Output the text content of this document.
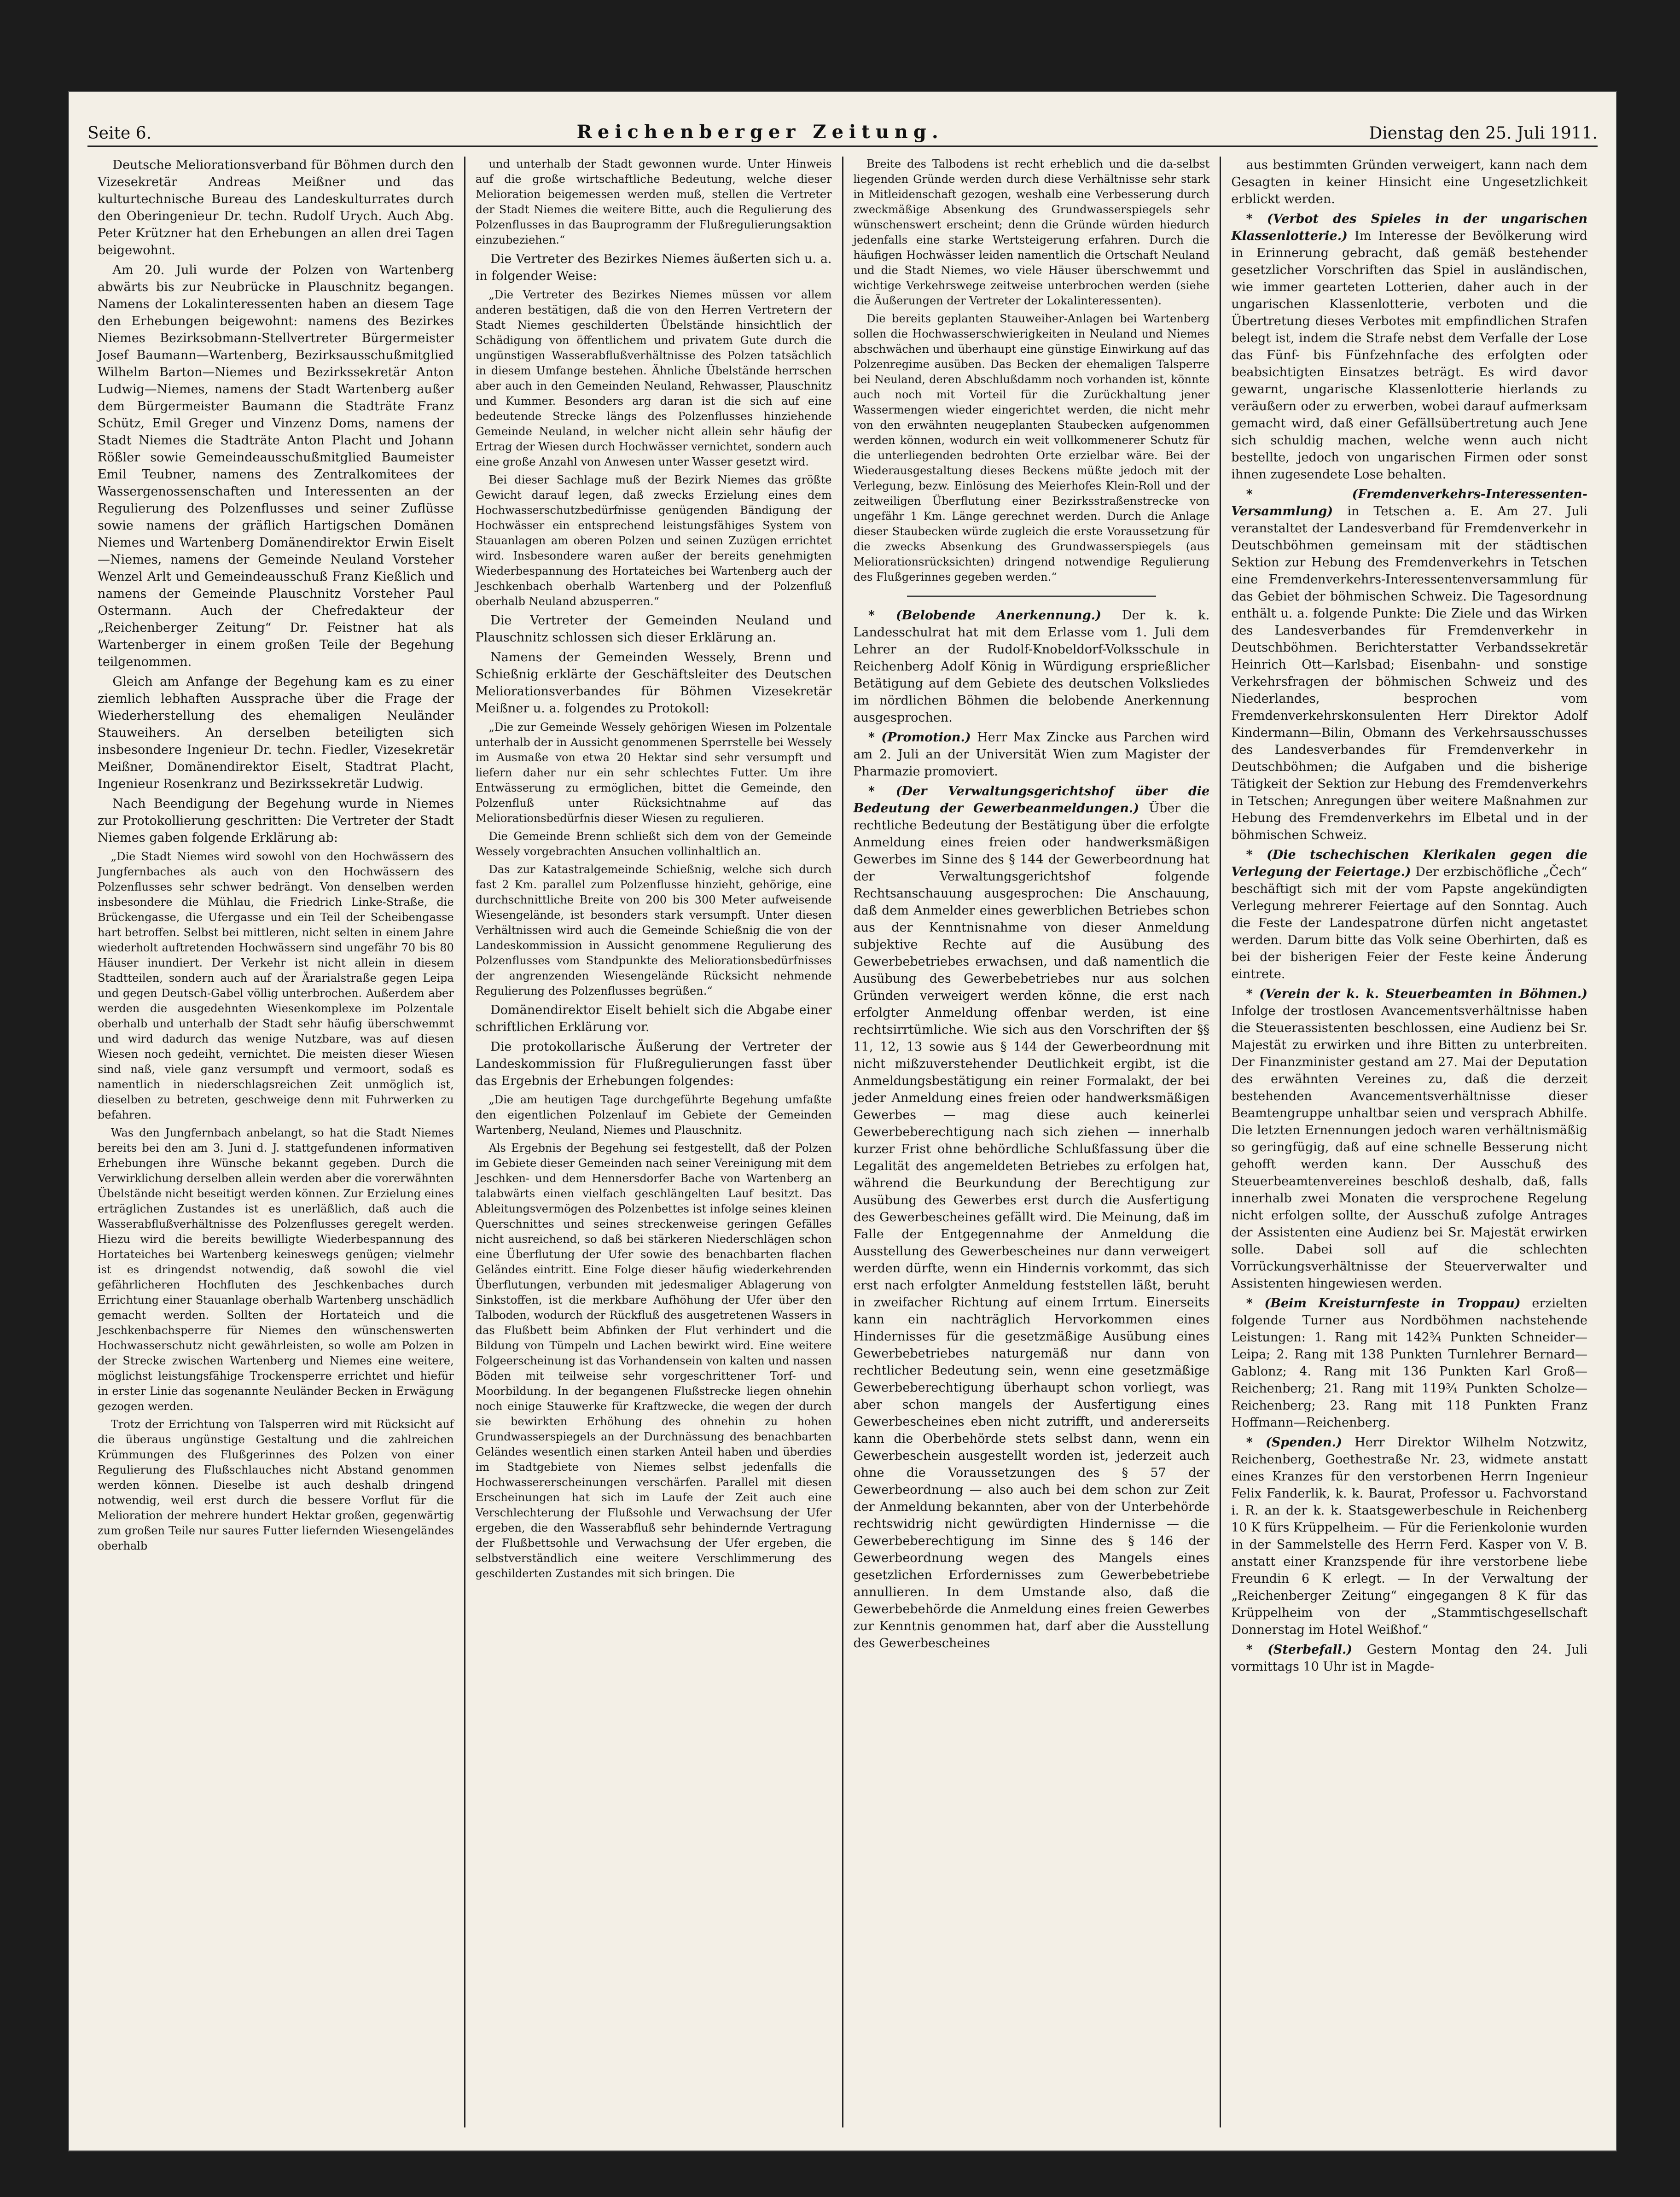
Seite 6.	Reichenberger Zeitung.	Dienstag den 25. Juli 1911.

Deutsche Meliorationsverband für Böhmen durch den Vizesekretär Andreas Meißner und das kulturtechnische Bureau des Landeskulturrates durch den Oberingenieur Dr. techn. Rudolf Urych. Auch Abg. Peter Krützner hat den Erhebungen an allen drei Tagen beigewohnt.

Am 20. Juli wurde der Polzen von Wartenberg abwärts bis zur Neubrücke in Plauschnitz begangen. Namens der Lokalinteressenten haben an diesem Tage den Erhebungen beigewohnt: namens des Bezirkes Niemes Bezirksobmann-Stellvertreter Bürgermeister Josef Baumann—Wartenberg, Bezirksausschußmitglied Wilhelm Barton—Niemes und Bezirkssekretär Anton Ludwig—Niemes, namens der Stadt Wartenberg außer dem Bürgermeister Baumann die Stadträte Franz Schütz, Emil Greger und Vinzenz Doms, namens der Stadt Niemes die Stadträte Anton Placht und Johann Rößler sowie Gemeindeausschußmitglied Baumeister Emil Teubner, namens des Zentralkomitees der Wassergenossenschaften und Interessenten an der Regulierung des Polzenflusses und seiner Zuflüsse sowie namens der gräflich Hartigschen Domänen Niemes und Wartenberg Domänendirektor Erwin Eiselt—Niemes, namens der Gemeinde Neuland Vorsteher Wenzel Arlt und Gemeindeausschuß Franz Kießlich und namens der Gemeinde Plauschnitz Vorsteher Paul Ostermann. Auch der Chefredakteur der „Reichenberger Zeitung“ Dr. Feistner hat als Wartenberger in einem großen Teile der Begehung teilgenommen.

Gleich am Anfange der Begehung kam es zu einer ziemlich lebhaften Aussprache über die Frage der Wiederherstellung des ehemaligen Neuländer Stauweihers. An derselben beteiligten sich insbesondere Ingenieur Dr. techn. Fiedler, Vizesekretär Meißner, Domänendirektor Eiselt, Stadtrat Placht, Ingenieur Rosenkranz und Bezirkssekretär Ludwig.

Nach Beendigung der Begehung wurde in Niemes zur Protokollierung geschritten: Die Vertreter der Stadt Niemes gaben folgende Erklärung ab:

„Die Stadt Niemes wird sowohl von den Hochwässern des Jungfernbaches als auch von den Hochwässern des Polzenflusses sehr schwer bedrängt. Von denselben werden insbesondere die Mühlau, die Friedrich Linke-Straße, die Brückengasse, die Ufergasse und ein Teil der Scheibengasse hart betroffen. Selbst bei mittleren, nicht selten in einem Jahre wiederholt auftretenden Hochwässern sind ungefähr 70 bis 80 Häuser inundiert. Der Verkehr ist nicht allein in diesem Stadtteilen, sondern auch auf der Ärarialstraße gegen Leipa und gegen Deutsch-Gabel völlig unterbrochen. Außerdem aber werden die ausgedehnten Wiesenkomplexe im Polzentale oberhalb und unterhalb der Stadt sehr häufig überschwemmt und wird dadurch das wenige Nutzbare, was auf diesen Wiesen noch gedeiht, vernichtet. Die meisten dieser Wiesen sind naß, viele ganz versumpft und vermoort, sodaß es namentlich in niederschlagsreichen Zeit unmöglich ist, dieselben zu betreten, geschweige denn mit Fuhrwerken zu befahren.

Was den Jungfernbach anbelangt, so hat die Stadt Niemes bereits bei den am 3. Juni d. J. stattgefundenen informativen Erhebungen ihre Wünsche bekannt gegeben. Durch die Verwirklichung derselben allein werden aber die vorerwähnten Übelstände nicht beseitigt werden können. Zur Erzielung eines erträglichen Zustandes ist es unerläßlich, daß auch die Wasserabflußverhältnisse des Polzenflusses geregelt werden. Hiezu wird die bereits bewilligte Wiederbespannung des Hortateiches bei Wartenberg keineswegs genügen; vielmehr ist es dringendst notwendig, daß sowohl die viel gefährlicheren Hochfluten des Jeschkenbaches durch Errichtung einer Stauanlage oberhalb Wartenberg unschädlich gemacht werden. Sollten der Hortateich und die Jeschkenbachsperre für Niemes den wünschenswerten Hochwasserschutz nicht gewährleisten, so wolle am Polzen in der Strecke zwischen Wartenberg und Niemes eine weitere, möglichst leistungsfähige Trockensperre errichtet und hiefür in erster Linie das sogenannte Neuländer Becken in Erwägung gezogen werden.

Trotz der Errichtung von Talsperren wird mit Rücksicht auf die überaus ungünstige Gestaltung und die zahlreichen Krümmungen des Flußgerinnes des Polzen von einer Regulierung des Flußschlauches nicht Abstand genommen werden können. Dieselbe ist auch deshalb dringend notwendig, weil erst durch die bessere Vorflut für die Melioration der mehrere hundert Hektar großen, gegenwärtig zum großen Teile nur saures Futter liefernden Wiesengeländes oberhalb

und unterhalb der Stadt gewonnen wurde. Unter Hinweis auf die große wirtschaftliche Bedeutung, welche dieser Melioration beigemessen werden muß, stellen die Vertreter der Stadt Niemes die weitere Bitte, auch die Regulierung des Polzenflusses in das Bauprogramm der Flußregulierungsaktion einzubeziehen.“

Die Vertreter des Bezirkes Niemes äußerten sich u. a. in folgender Weise:

„Die Vertreter des Bezirkes Niemes müssen vor allem anderen bestätigen, daß die von den Herren Vertretern der Stadt Niemes geschilderten Übelstände hinsichtlich der Schädigung von öffentlichem und privatem Gute durch die ungünstigen Wasserabflußverhältnisse des Polzen tatsächlich in diesem Umfange bestehen. Ähnliche Übelstände herrschen aber auch in den Gemeinden Neuland, Rehwasser, Plauschnitz und Kummer. Besonders arg daran ist die sich auf eine bedeutende Strecke längs des Polzenflusses hinziehende Gemeinde Neuland, in welcher nicht allein sehr häufig der Ertrag der Wiesen durch Hochwässer vernichtet, sondern auch eine große Anzahl von Anwesen unter Wasser gesetzt wird.

Bei dieser Sachlage muß der Bezirk Niemes das größte Gewicht darauf legen, daß zwecks Erzielung eines dem Hochwasserschutzbedürfnisse genügenden Bändigung der Hochwässer ein entsprechend leistungsfähiges System von Stauanlagen am oberen Polzen und seinen Zuzügen errichtet wird. Insbesondere waren außer der bereits genehmigten Wiederbespannung des Hortateiches bei Wartenberg auch der Jeschkenbach oberhalb Wartenberg und der Polzenfluß oberhalb Neuland abzusperren.“

Die Vertreter der Gemeinden Neuland und Plauschnitz schlossen sich dieser Erklärung an.

Namens der Gemeinden Wessely, Brenn und Schießnig erklärte der Geschäftsleiter des Deutschen Meliorationsverbandes für Böhmen Vizesekretär Meißner u. a. folgendes zu Protokoll:

„Die zur Gemeinde Wessely gehörigen Wiesen im Polzentale unterhalb der in Aussicht genommenen Sperrstelle bei Wessely im Ausmaße von etwa 20 Hektar sind sehr versumpft und liefern daher nur ein sehr schlechtes Futter. Um ihre Entwässerung zu ermöglichen, bittet die Gemeinde, den Polzenfluß unter Rücksichtnahme auf das Meliorationsbedürfnis dieser Wiesen zu regulieren.

Die Gemeinde Brenn schließt sich dem von der Gemeinde Wessely vorgebrachten Ansuchen vollinhaltlich an.

Das zur Katastralgemeinde Schießnig, welche sich durch fast 2 Km. parallel zum Polzenflusse hinzieht, gehörige, eine durchschnittliche Breite von 200 bis 300 Meter aufweisende Wiesengelände, ist besonders stark versumpft. Unter diesen Verhältnissen wird auch die Gemeinde Schießnig die von der Landeskommission in Aussicht genommene Regulierung des Polzenflusses vom Standpunkte des Meliorationsbedürfnisses der angrenzenden Wiesengelände Rücksicht nehmende Regulierung des Polzenflusses begrüßen.“

Domänendirektor Eiselt behielt sich die Abgabe einer schriftlichen Erklärung vor.

Die protokollarische Äußerung der Vertreter der Landeskommission für Flußregulierungen fasst über das Ergebnis der Erhebungen folgendes:

„Die am heutigen Tage durchgeführte Begehung umfaßte den eigentlichen Polzenlauf im Gebiete der Gemeinden Wartenberg, Neuland, Niemes und Plauschnitz.

Als Ergebnis der Begehung sei festgestellt, daß der Polzen im Gebiete dieser Gemeinden nach seiner Vereinigung mit dem Jeschken- und dem Hennersdorfer Bache von Wartenberg an talabwärts einen vielfach geschlängelten Lauf besitzt. Das Ableitungsvermögen des Polzenbettes ist infolge seines kleinen Querschnittes und seines streckenweise geringen Gefälles nicht ausreichend, so daß bei stärkeren Niederschlägen schon eine Überflutung der Ufer sowie des benachbarten flachen Geländes eintritt. Eine Folge dieser häufig wiederkehrenden Überflutungen, verbunden mit jedesmaliger Ablagerung von Sinkstoffen, ist die merkbare Aufhöhung der Ufer über den Talboden, wodurch der Rückfluß des ausgetretenen Wassers in das Flußbett beim Abfinken der Flut verhindert und die Bildung von Tümpeln und Lachen bewirkt wird. Eine weitere Folgeerscheinung ist das Vorhandensein von kalten und nassen Böden mit teilweise sehr vorgeschrittener Torf- und Moorbildung. In der begangenen Flußstrecke liegen ohnehin noch einige Stauwerke für Kraftzwecke, die wegen der durch sie bewirkten Erhöhung des ohnehin zu hohen Grundwasserspiegels an der Durchnässung des benachbarten Geländes wesentlich einen starken Anteil haben und überdies im Stadtgebiete von Niemes selbst jedenfalls die Hochwassererscheinungen verschärfen. Parallel mit diesen Erscheinungen hat sich im Laufe der Zeit auch eine Verschlechterung der Flußsohle und Verwachsung der Ufer ergeben, die den Wasserabfluß sehr behindernde Vertragung der Flußbettsohle und Verwachsung der Ufer ergeben, die selbstverständlich eine weitere Verschlimmerung des geschilderten Zustandes mit sich bringen. Die

Breite des Talbodens ist recht erheblich und die da-selbst liegenden Gründe werden durch diese Verhältnisse sehr stark in Mitleidenschaft gezogen, weshalb eine Verbesserung durch zweckmäßige Absenkung des Grundwasserspiegels sehr wünschenswert erscheint; denn die Gründe würden hiedurch jedenfalls eine starke Wertsteigerung erfahren. Durch die häufigen Hochwässer leiden namentlich die Ortschaft Neuland und die Stadt Niemes, wo viele Häuser überschwemmt und wichtige Verkehrswege zeitweise unterbrochen werden (siehe die Äußerungen der Vertreter der Lokalinteressenten).

Die bereits geplanten Stauweiher-Anlagen bei Wartenberg sollen die Hochwasserschwierigkeiten in Neuland und Niemes abschwächen und überhaupt eine günstige Einwirkung auf das Polzenregime ausüben. Das Becken der ehemaligen Talsperre bei Neuland, deren Abschlußdamm noch vorhanden ist, könnte auch noch mit Vorteil für die Zurückhaltung jener Wassermengen wieder eingerichtet werden, die nicht mehr von den erwähnten neugeplanten Staubecken aufgenommen werden können, wodurch ein weit vollkommenerer Schutz für die unterliegenden bedrohten Orte erzielbar wäre. Bei der Wiederausgestaltung dieses Beckens müßte jedoch mit der Verlegung, bezw. Einlösung des Meierhofes Klein-Roll und der zeitweiligen Überflutung einer Bezirksstraßenstrecke von ungefähr 1 Km. Länge gerechnet werden. Durch die Anlage dieser Staubecken würde zugleich die erste Voraussetzung für die zwecks Absenkung des Grundwasserspiegels (aus Meliorationsrücksichten) dringend notwendige Regulierung des Flußgerinnes gegeben werden.“

* (Belobende Anerkennung.) Der k. k. Landesschulrat hat mit dem Erlasse vom 1. Juli dem Lehrer an der Rudolf-Knobeldorf-Volksschule in Reichenberg Adolf König in Würdigung ersprießlicher Betätigung auf dem Gebiete des deutschen Volksliedes im nördlichen Böhmen die belobende Anerkennung ausgesprochen.

* (Promotion.) Herr Max Zincke aus Parchen wird am 2. Juli an der Universität Wien zum Magister der Pharmazie promoviert.

* (Der Verwaltungsgerichtshof über die Bedeutung der Gewerbeanmeldungen.) Über die rechtliche Bedeutung der Bestätigung über die erfolgte Anmeldung eines freien oder handwerksmäßigen Gewerbes im Sinne des § 144 der Gewerbeordnung hat der Verwaltungsgerichtshof folgende Rechtsanschauung ausgesprochen: Die Anschauung, daß dem Anmelder eines gewerblichen Betriebes schon aus der Kenntnisnahme von dieser Anmeldung subjektive Rechte auf die Ausübung des Gewerbebetriebes erwachsen, und daß namentlich die Ausübung des Gewerbebetriebes nur aus solchen Gründen verweigert werden könne, die erst nach erfolgter Anmeldung offenbar werden, ist eine rechtsirrtümliche. Wie sich aus den Vorschriften der §§ 11, 12, 13 sowie aus § 144 der Gewerbeordnung mit nicht mißzuverstehender Deutlichkeit ergibt, ist die Anmeldungsbestätigung ein reiner Formalakt, der bei jeder Anmeldung eines freien oder handwerksmäßigen Gewerbes — mag diese auch keinerlei Gewerbeberechtigung nach sich ziehen — innerhalb kurzer Frist ohne behördliche Schlußfassung über die Legalität des angemeldeten Betriebes zu erfolgen hat, während die Beurkundung der Berechtigung zur Ausübung des Gewerbes erst durch die Ausfertigung des Gewerbescheines gefällt wird. Die Meinung, daß im Falle der Entgegennahme der Anmeldung die Ausstellung des Gewerbescheines nur dann verweigert werden dürfte, wenn ein Hindernis vorkommt, das sich erst nach erfolgter Anmeldung feststellen läßt, beruht in zweifacher Richtung auf einem Irrtum. Einerseits kann ein nachträglich Hervorkommen eines Hindernisses für die gesetzmäßige Ausübung eines Gewerbebetriebes naturgemäß nur dann von rechtlicher Bedeutung sein, wenn eine gesetzmäßige Gewerbeberechtigung überhaupt schon vorliegt, was aber schon mangels der Ausfertigung eines Gewerbescheines eben nicht zutrifft, und andererseits kann die Oberbehörde stets selbst dann, wenn ein Gewerbeschein ausgestellt worden ist, jederzeit auch ohne die Voraussetzungen des § 57 der Gewerbeordnung — also auch bei dem schon zur Zeit der Anmeldung bekannten, aber von der Unterbehörde rechtswidrig nicht gewürdigten Hindernisse — die Gewerbeberechtigung im Sinne des § 146 der Gewerbeordnung wegen des Mangels eines gesetzlichen Erfordernisses zum Gewerbebetriebe annullieren. In dem Umstande also, daß die Gewerbebehörde die Anmeldung eines freien Gewerbes zur Kenntnis genommen hat, darf aber die Ausstellung des Gewerbescheines

aus bestimmten Gründen verweigert, kann nach dem Gesagten in keiner Hinsicht eine Ungesetzlichkeit erblickt werden.

* (Verbot des Spieles in der ungarischen Klassenlotterie.) Im Interesse der Bevölkerung wird in Erinnerung gebracht, daß gemäß bestehender gesetzlicher Vorschriften das Spiel in ausländischen, wie immer gearteten Lotterien, daher auch in der ungarischen Klassenlotterie, verboten und die Übertretung dieses Verbotes mit empfindlichen Strafen belegt ist, indem die Strafe nebst dem Verfalle der Lose das Fünf- bis Fünfzehnfache des erfolgten oder beabsichtigten Einsatzes beträgt. Es wird davor gewarnt, ungarische Klassenlotterie hierlands zu veräußern oder zu erwerben, wobei darauf aufmerksam gemacht wird, daß einer Gefällsübertretung auch Jene sich schuldig machen, welche wenn auch nicht bestellte, jedoch von ungarischen Firmen oder sonst ihnen zugesendete Lose behalten.

* (Fremdenverkehrs-Interessenten-Versammlung) in Tetschen a. E. Am 27. Juli veranstaltet der Landesverband für Fremdenverkehr in Deutschböhmen gemeinsam mit der städtischen Sektion zur Hebung des Fremdenverkehrs in Tetschen eine Fremdenverkehrs-Interessentenversammlung für das Gebiet der böhmischen Schweiz. Die Tagesordnung enthält u. a. folgende Punkte: Die Ziele und das Wirken des Landesverbandes für Fremdenverkehr in Deutschböhmen. Berichterstatter Verbandssekretär Heinrich Ott—Karlsbad; Eisenbahn- und sonstige Verkehrsfragen der böhmischen Schweiz und des Niederlandes, besprochen vom Fremdenverkehrskonsulenten Herr Direktor Adolf Kindermann—Bilin, Obmann des Verkehrsausschusses des Landesverbandes für Fremdenverkehr in Deutschböhmen; die Aufgaben und die bisherige Tätigkeit der Sektion zur Hebung des Fremdenverkehrs in Tetschen; Anregungen über weitere Maßnahmen zur Hebung des Fremdenverkehrs im Elbetal und in der böhmischen Schweiz.

* (Die tschechischen Klerikalen gegen die Verlegung der Feiertage.) Der erzbischöfliche „Čech“ beschäftigt sich mit der vom Papste angekündigten Verlegung mehrerer Feiertage auf den Sonntag. Auch die Feste der Landespatrone dürfen nicht angetastet werden. Darum bitte das Volk seine Oberhirten, daß es bei der bisherigen Feier der Feste keine Änderung eintrete.

* (Verein der k. k. Steuerbeamten in Böhmen.) Infolge der trostlosen Avancementsverhältnisse haben die Steuerassistenten beschlossen, eine Audienz bei Sr. Majestät zu erwirken und ihre Bitten zu unterbreiten. Der Finanzminister gestand am 27. Mai der Deputation des erwähnten Vereines zu, daß die derzeit bestehenden Avancementsverhältnisse dieser Beamtengruppe unhaltbar seien und versprach Abhilfe. Die letzten Ernennungen jedoch waren verhältnismäßig so geringfügig, daß auf eine schnelle Besserung nicht gehofft werden kann. Der Ausschuß des Steuerbeamtenvereines beschloß deshalb, daß, falls innerhalb zwei Monaten die versprochene Regelung nicht erfolgen sollte, der Ausschuß zufolge Antrages der Assistenten eine Audienz bei Sr. Majestät erwirken solle. Dabei soll auf die schlechten Vorrückungsverhältnisse der Steuerverwalter und Assistenten hingewiesen werden.

* (Beim Kreisturnfeste in Troppau) erzielten folgende Turner aus Nordböhmen nachstehende Leistungen: 1. Rang mit 142¾ Punkten Schneider—Leipa; 2. Rang mit 138 Punkten Turnlehrer Bernard—Gablonz; 4. Rang mit 136 Punkten Karl Groß—Reichenberg; 21. Rang mit 119¾ Punkten Scholze—Reichenberg; 23. Rang mit 118 Punkten Franz Hoffmann—Reichenberg.

* (Spenden.) Herr Direktor Wilhelm Notzwitz, Reichenberg, Goethestraße Nr. 23, widmete anstatt eines Kranzes für den verstorbenen Herrn Ingenieur Felix Fanderlik, k. k. Baurat, Professor u. Fachvorstand i. R. an der k. k. Staatsgewerbeschule in Reichenberg 10 K fürs Krüppelheim. — Für die Ferienkolonie wurden in der Sammelstelle des Herrn Ferd. Kasper von V. B. anstatt einer Kranzspende für ihre verstorbene liebe Freundin 6 K erlegt. — In der Verwaltung der „Reichenberger Zeitung“ eingegangen 8 K für das Krüppelheim von der „Stammtischgesellschaft Donnerstag im Hotel Weißhof.“

* (Sterbefall.) Gestern Montag den 24. Juli vormittags 10 Uhr ist in Magde-
